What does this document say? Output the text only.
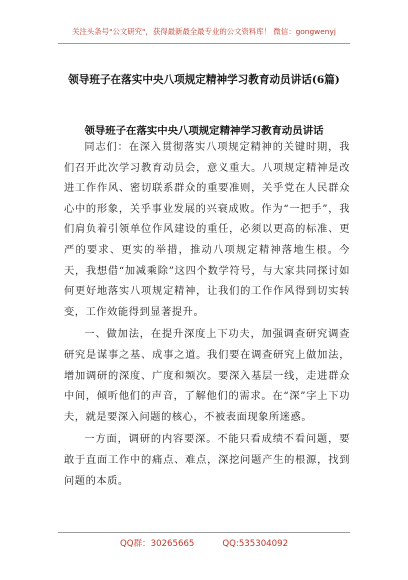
关注头条号"公文研究"，获得最新最全最专业的公文资料库！ 微信：gongwenyj
领导班子在落实中央八项规定精神学习教育动员讲话(6篇)
领导班子在落实中央八项规定精神学习教育动员讲话

同志们：在深入贯彻落实八项规定精神的关键时期，我们召开此次学习教育动员会，意义重大。八项规定精神是改进工作作风、密切联系群众的重要准则，关乎党在人民群众心中的形象，关乎事业发展的兴衰成败。作为“一把手”，我们肩负着引领单位作风建设的重任，必须以更高的标准、更严的要求、更实的举措，推动八项规定精神落地生根。今天，我想借“加减乘除”这四个数学符号，与大家共同探讨如何更好地落实八项规定精神，让我们的工作作风得到切实转变，工作效能得到显著提升。

一、做加法，在提升深度上下功夫，加强调查研究调查研究是谋事之基、成事之道。我们要在调查研究上做加法，增加调研的深度、广度和频次。要深入基层一线，走进群众中间，倾听他们的声音，了解他们的需求。在“深”字上下功夫，就是要深入问题的核心，不被表面现象所迷惑。

一方面，调研的内容要深。不能只看成绩不看问题，要敢于直面工作中的痛点、难点，深挖问题产生的根源，找到问题的本质。

QQ群：30265665	QQ:535304092
